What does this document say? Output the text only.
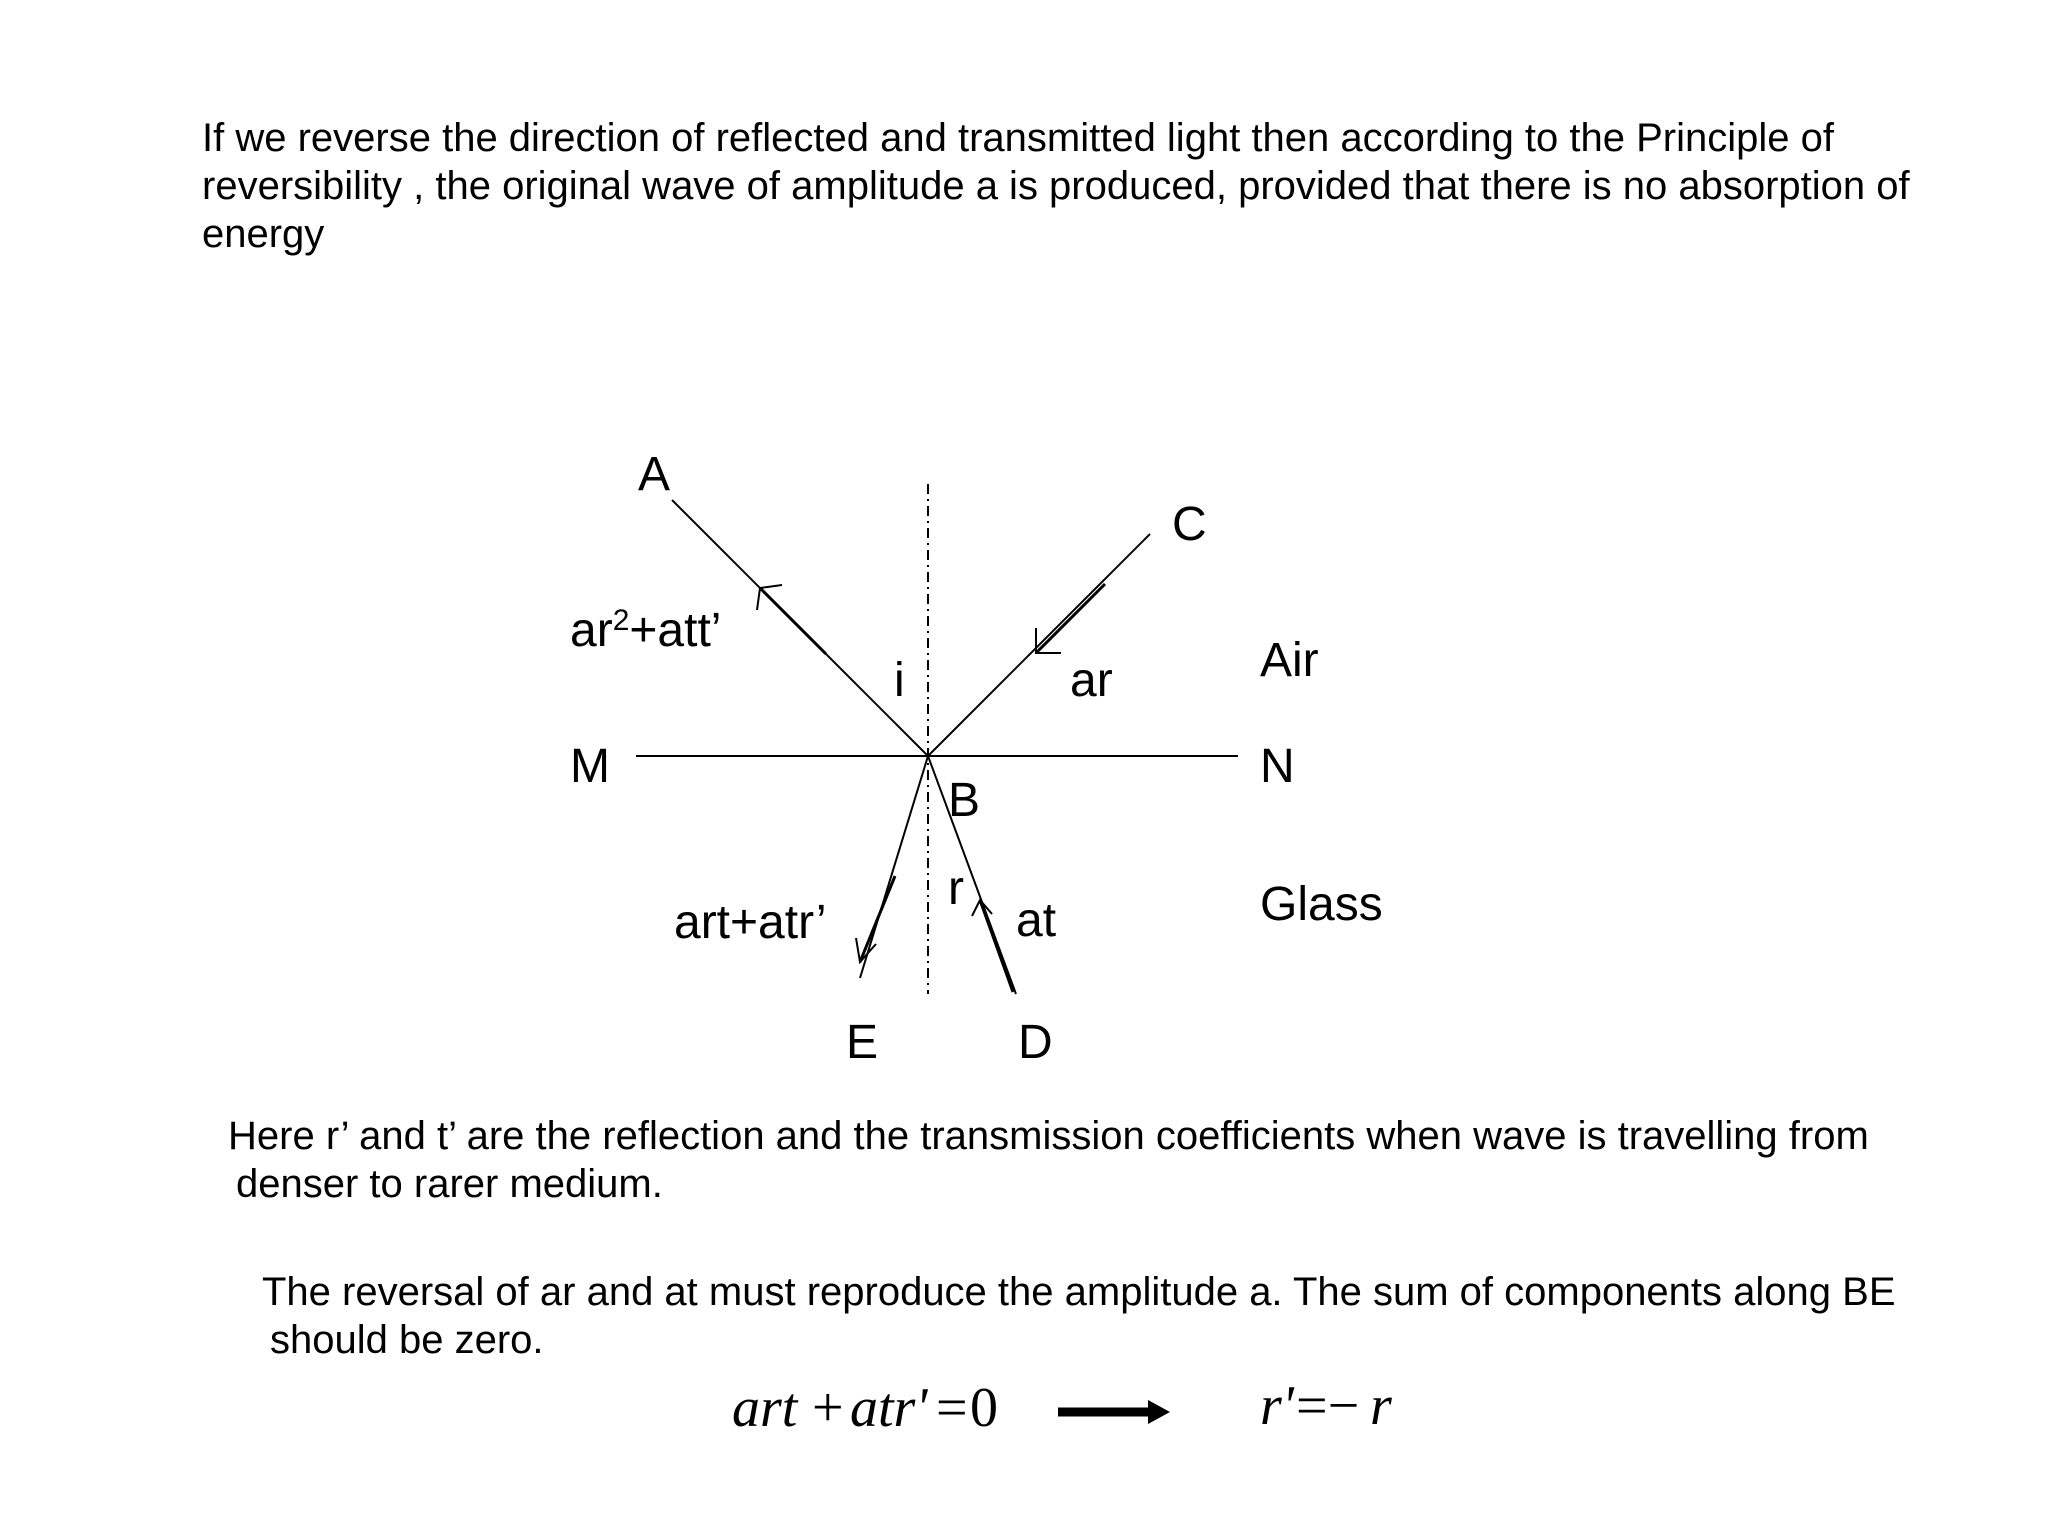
If we reverse the direction of reflected and transmitted light then according to the Principle of
reversibility , the original wave of amplitude a is produced, provided that there is no absorption of
energy
A
C
M	N
B
E	D
i
r
$ar^2+att$’
ar
at
art+atr’
Air
Glass
art + atr' = 0	r' =− r
Here r’ and t’ are the reflection and the transmission coefficients when wave is travelling from
denser to rarer medium.
The reversal of ar and at must reproduce the amplitude a. The sum of components along BE
should be zero.
